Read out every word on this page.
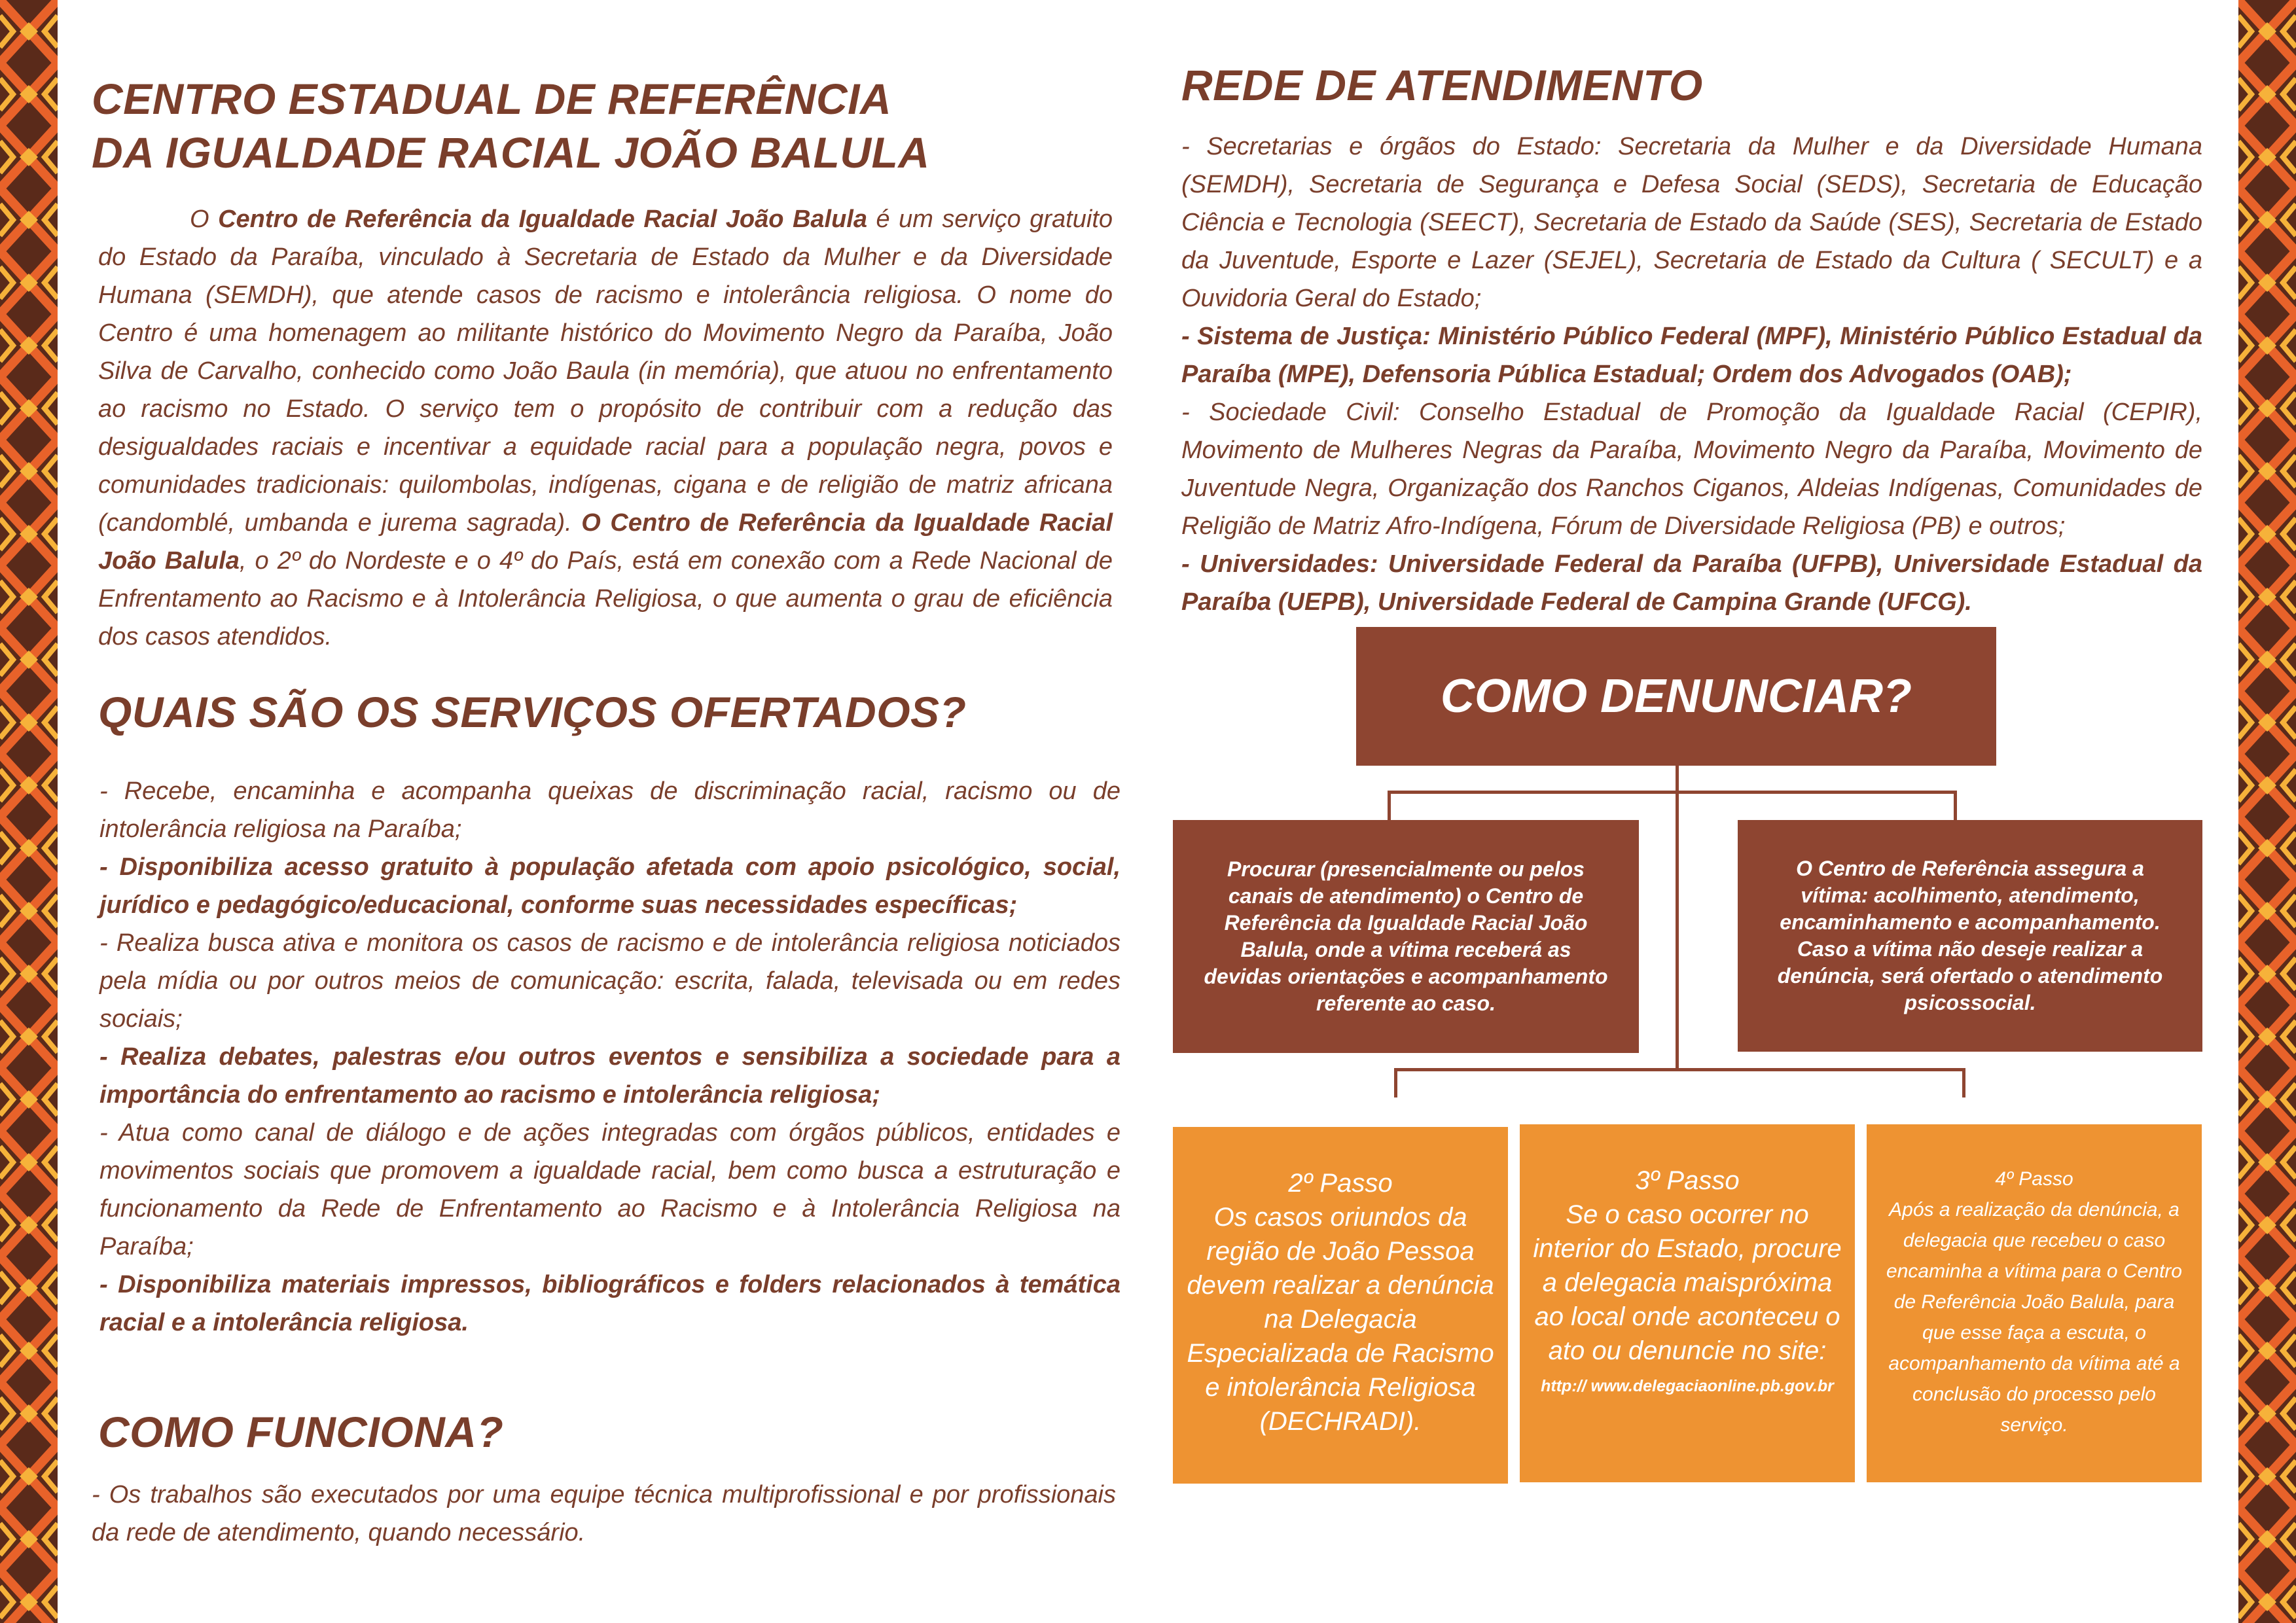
CENTRO ESTADUAL DE REFERÊNCIA
DA IGUALDADE RACIAL JOÃO BALULA

O Centro de Referência da Igualdade Racial João Balula é um serviço gratuito do Estado da Paraíba, vinculado à Secretaria de Estado da Mulher e da Diversidade Humana (SEMDH), que atende casos de racismo e intolerância religiosa. O nome do Centro é uma homenagem ao militante histórico do Movimento Negro da Paraíba, João Silva de Carvalho, conhecido como João Baula (in memória), que atuou no enfrentamento ao racismo no Estado. O serviço tem o propósito de contribuir com a redução das desigualdades raciais e incentivar a equidade racial para a população negra, povos e comunidades tradicionais: quilombolas, indígenas, cigana e de religião de matriz africana (candomblé, umbanda e jurema sagrada). O Centro de Referência da Igualdade Racial João Balula, o 2º do Nordeste e o 4º do País, está em conexão com a Rede Nacional de Enfrentamento ao Racismo e à Intolerância Religiosa, o que aumenta o grau de eficiência dos casos atendidos.

QUAIS SÃO OS SERVIÇOS OFERTADOS?
- Recebe, encaminha e acompanha queixas de discriminação racial, racismo ou de intolerância religiosa na Paraíba;
- Disponibiliza acesso gratuito à população afetada com apoio psicológico, social, jurídico e pedagógico/educacional, conforme suas necessidades específicas;
- Realiza busca ativa e monitora os casos de racismo e de intolerância religiosa noticiados pela mídia ou por outros meios de comunicação: escrita, falada, televisada ou em redes sociais;
- Realiza debates, palestras e/ou outros eventos e sensibiliza a sociedade para a importância do enfrentamento ao racismo e intolerância religiosa;
- Atua como canal de diálogo e de ações integradas com órgãos públicos, entidades e movimentos sociais que promovem a igualdade racial, bem como busca a estruturação e funcionamento da Rede de Enfrentamento ao Racismo e à Intolerância Religiosa na Paraíba;
- Disponibiliza materiais impressos, bibliográficos e folders relacionados à temática racial e a intolerância religiosa.
COMO FUNCIONA?

- Os trabalhos são executados por uma equipe técnica multiprofissional e por profissionais da rede de atendimento, quando necessário.

REDE DE ATENDIMENTO
- Secretarias e órgãos do Estado: Secretaria da Mulher e da Diversidade Humana (SEMDH), Secretaria de Segurança e Defesa Social (SEDS), Secretaria de Educação Ciência e Tecnologia (SEECT), Secretaria de Estado da Saúde (SES), Secretaria de Estado da Juventude, Esporte e Lazer (SEJEL), Secretaria de Estado da Cultura ( SECULT) e a Ouvidoria Geral do Estado;
- Sistema de Justiça: Ministério Público Federal (MPF), Ministério Público Estadual da Paraíba (MPE), Defensoria Pública Estadual; Ordem dos Advogados (OAB);
- Sociedade Civil: Conselho Estadual de Promoção da Igualdade Racial (CEPIR), Movimento de Mulheres Negras da Paraíba, Movimento Negro da Paraíba, Movimento de Juventude Negra, Organização dos Ranchos Ciganos, Aldeias Indígenas, Comunidades de Religião de Matriz Afro-Indígena, Fórum de Diversidade Religiosa (PB) e outros;
- Universidades: Universidade Federal da Paraíba (UFPB), Universidade Estadual da Paraíba (UEPB), Universidade Federal de Campina Grande (UFCG).
COMO DENUNCIAR?
Procurar (presencialmente ou pelos canais de atendimento) o Centro de Referência da Igualdade Racial João Balula, onde a vítima receberá as devidas orientações e acompanhamento referente ao caso.
O Centro de Referência assegura a vítima: acolhimento, atendimento, encaminhamento e acompanhamento. Caso a vítima não deseje realizar a denúncia, será ofertado o atendimento psicossocial.
2º Passo
Os casos oriundos da região de João Pessoa devem realizar a denúncia na Delegacia Especializada de Racismo e intolerância Religiosa (DECHRADI).
3º Passo
Se o caso ocorrer no interior do Estado, procure a delegacia maispróxima ao local onde aconteceu o ato ou denuncie no site:
http:// www.delegaciaonline.pb.gov.br
4º Passo
Após a realização da denúncia, a delegacia que recebeu o caso encaminha a vítima para o Centro de Referência João Balula, para que esse faça a escuta, o acompanhamento da vítima até a conclusão do processo pelo serviço.
